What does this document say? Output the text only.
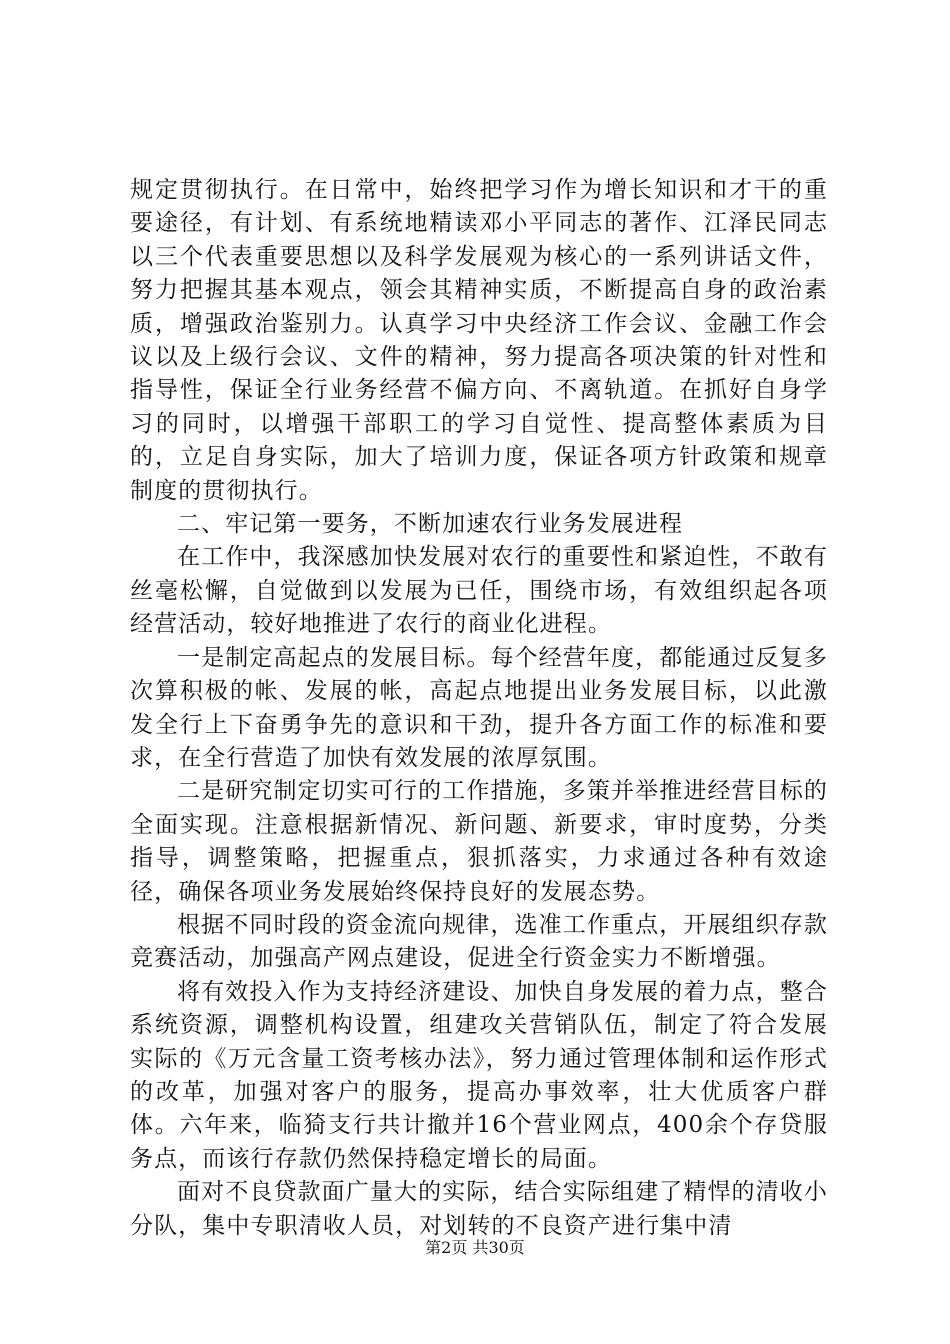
规定贯彻执行。在日常中，始终把学习作为增长知识和才干的重要途径，有计划、有系统地精读邓小平同志的著作、江泽民同志以三个代表重要思想以及科学发展观为核心的一系列讲话文件，努力把握其基本观点，领会其精神实质，不断提高自身的政治素质，增强政治鉴别力。认真学习中央经济工作会议、金融工作会议以及上级行会议、文件的精神，努力提高各项决策的针对性和指导性，保证全行业务经营不偏方向、不离轨道。在抓好自身学习的同时，以增强干部职工的学习自觉性、提高整体素质为目的，立足自身实际，加大了培训力度，保证各项方针政策和规章制度的贯彻执行。

二、牢记第一要务，不断加速农行业务发展进程

在工作中，我深感加快发展对农行的重要性和紧迫性，不敢有丝毫松懈，自觉做到以发展为已任，围绕市场，有效组织起各项经营活动，较好地推进了农行的商业化进程。

一是制定高起点的发展目标。每个经营年度，都能通过反复多次算积极的帐、发展的帐，高起点地提出业务发展目标，以此激发全行上下奋勇争先的意识和干劲，提升各方面工作的标准和要求，在全行营造了加快有效发展的浓厚氛围。

二是研究制定切实可行的工作措施，多策并举推进经营目标的全面实现。注意根据新情况、新问题、新要求，审时度势，分类指导，调整策略，把握重点，狠抓落实，力求通过各种有效途径，确保各项业务发展始终保持良好的发展态势。

根据不同时段的资金流向规律，选准工作重点，开展组织存款竞赛活动，加强高产网点建设，促进全行资金实力不断增强。

将有效投入作为支持经济建设、加快自身发展的着力点，整合系统资源，调整机构设置，组建攻关营销队伍，制定了符合发展实际的《万元含量工资考核办法》，努力通过管理体制和运作形式的改革，加强对客户的服务，提高办事效率，壮大优质客户群体。六年来，临猗支行共计撤并16个营业网点，400余个存贷服务点，而该行存款仍然保持稳定增长的局面。

面对不良贷款面广量大的实际，结合实际组建了精悍的清收小分队，集中专职清收人员，对划转的不良资产进行集中清

第2页 共30页
